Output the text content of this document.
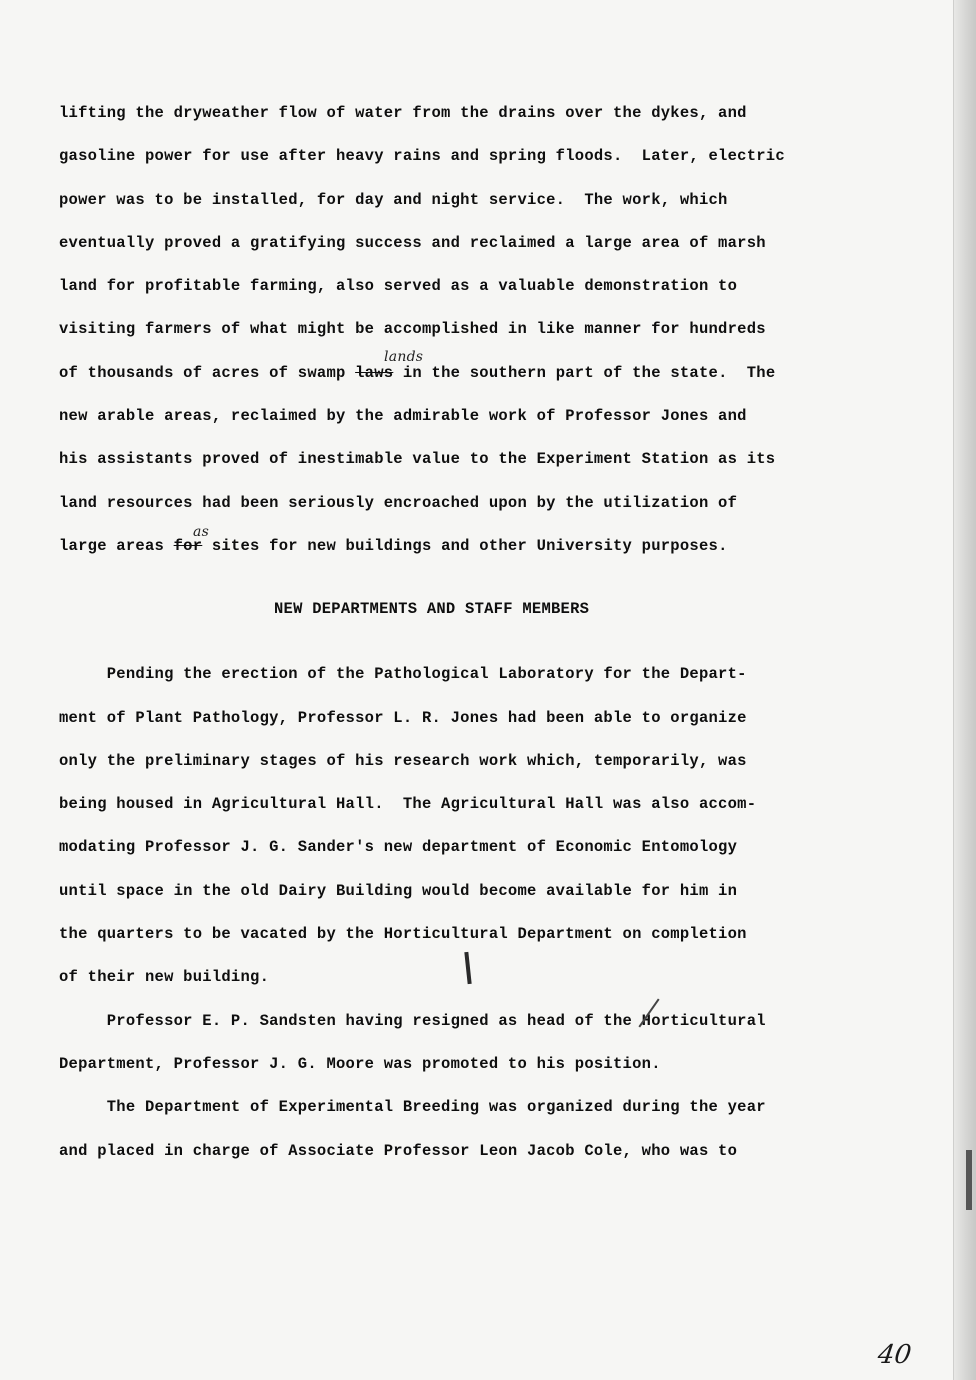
lifting the dryweather flow of water from the drains over the dykes, and
gasoline power for use after heavy rains and spring floods.  Later, electric
power was to be installed, for day and night service.  The work, which
eventually proved a gratifying success and reclaimed a large area of marsh
land for profitable farming, also served as a valuable demonstration to
visiting farmers of what might be accomplished in like manner for hundreds
of thousands of acres of swamp laws in the southern part of the state.  The
lands
new arable areas, reclaimed by the admirable work of Professor Jones and
his assistants proved of inestimable value to the Experiment Station as its
land resources had been seriously encroached upon by the utilization of
large areas for sites for new buildings and other University purposes.
as
NEW DEPARTMENTS AND STAFF MEMBERS
Pending the erection of the Pathological Laboratory for the Depart-
ment of Plant Pathology, Professor L. R. Jones had been able to organize
only the preliminary stages of his research work which, temporarily, was
being housed in Agricultural Hall.  The Agricultural Hall was also accom-
modating Professor J. G. Sander's new department of Economic Entomology
until space in the old Dairy Building would become available for him in
the quarters to be vacated by the Horticultural Department on completion
of their new building.
Professor E. P. Sandsten having resigned as head of the Horticultural
Department, Professor J. G. Moore was promoted to his position.
The Department of Experimental Breeding was organized during the year
and placed in charge of Associate Professor Leon Jacob Cole, who was to
40
